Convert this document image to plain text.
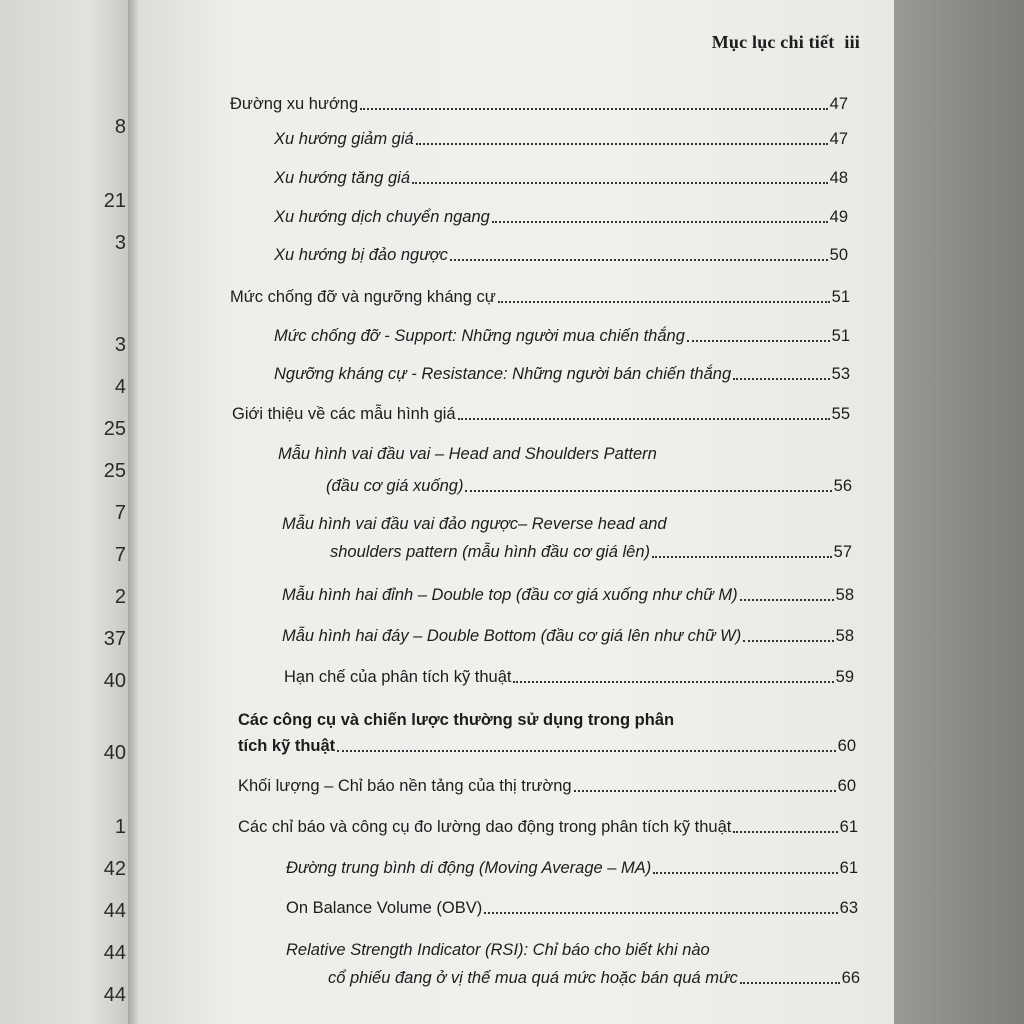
8
21
3
3
4
25
25
7
7
2
37
40
40
1
42
44
44
44
Mục lục chi tiết iii
Đường xu hướng	47
Xu hướng giảm giá	47
Xu hướng tăng giá	48
Xu hướng dịch chuyển ngang	49
Xu hướng bị đảo ngược	50
Mức chống đỡ và ngưỡng kháng cự	51
Mức chống đỡ - Support: Những người mua chiến thắng	51
Ngưỡng kháng cự - Resistance: Những người bán chiến thắng	53
Giới thiệu về các mẫu hình giá	55
Mẫu hình vai đầu vai – Head and Shoulders Pattern
(đầu cơ giá xuống)	56
Mẫu hình vai đầu vai đảo ngược– Reverse head and
shoulders pattern (mẫu hình đầu cơ giá lên)	57
Mẫu hình hai đỉnh – Double top (đầu cơ giá xuống như chữ M)	58
Mẫu hình hai đáy – Double Bottom (đầu cơ giá lên như chữ W)	58
Hạn chế của phân tích kỹ thuật	59
Các công cụ và chiến lược thường sử dụng trong phân
tích kỹ thuật	60
Khối lượng – Chỉ báo nền tảng của thị trường	60
Các chỉ báo và công cụ đo lường dao động trong phân tích kỹ thuật	61
Đường trung bình di động (Moving Average – MA)	61
On Balance Volume (OBV)	63
Relative Strength Indicator (RSI): Chỉ báo cho biết khi nào
cổ phiếu đang ở vị thế mua quá mức hoặc bán quá mức	66
